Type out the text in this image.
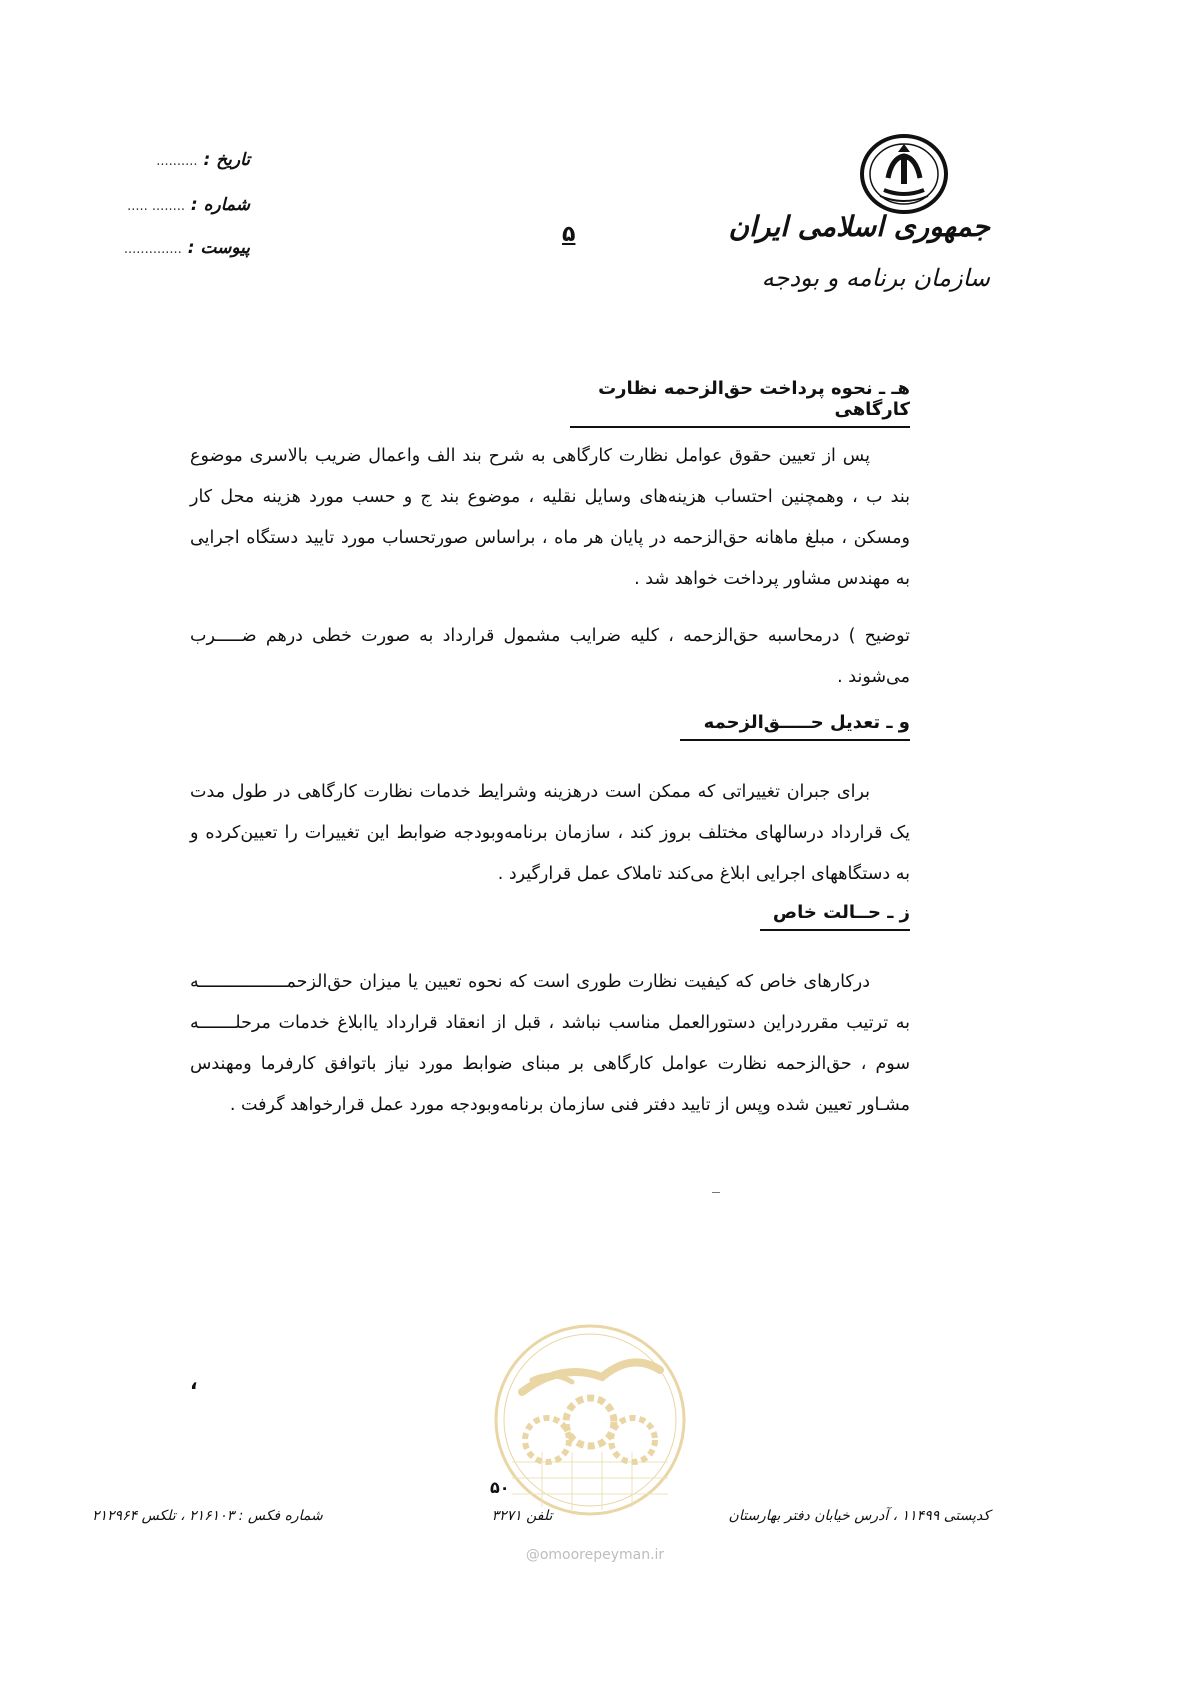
جمهوری اسلامی ایران
سازمان برنامه و بودجه
۵
تاریخ : ..........
شماره : ........ .....
پیوست : ..............
هـ ـ نحوه پرداخت حق‌الزحمه نظارت کارگاهی
پس از تعیین حقوق عوامل نظارت کارگاهی به شرح بند الف واعمال ضریب بالاسری موضوع بند ب ، وهمچنین احتساب هزینه‌های وسایل نقلیه ، موضوع بند ج و حسب مورد هزینه محل کار ومسکن ، مبلغ ماهانه حق‌الزحمه در پایان هر ماه ، براساس صورتحساب مورد تایید دستگاه اجرایی به مهندس مشاور پرداخت خواهد شد .
توضیح ) درمحاسبه حق‌الزحمه ، کلیه ضرایب مشمول قرارداد به صورت خطی درهم ضـــــرب می‌شوند .
و ـ تعدیل حـــــق‌الزحمه
برای جبران تغییراتی که ممکن است درهزینه وشرایط خدمات نظارت کارگاهی در طول مدت یک قرارداد درسالهای مختلف بروز کند ، سازمان برنامه‌وبودجه ضوابط این تغییرات را تعیین‌کرده و به دستگاههای اجرایی ابلاغ می‌کند تاملاک عمل قرارگیرد .
ز ـ حــالت خاص
درکارهای خاص که کیفیت نظارت طوری است که نحوه تعیین یا میزان حق‌الزحمـــــــــــــــــه به ترتیب مقرردراین دستورالعمل مناسب نباشد ، قبل از انعقاد قرارداد یاابلاغ خدمات مرحلـــــــه سوم ، حق‌الزحمه نظارت عوامل کارگاهی بر مبنای ضوابط مورد نیاز باتوافق کارفرما ومهندس مشـاور تعیین شده وپس از تایید دفتر فنی سازمان برنامه‌وبودجه مورد عمل قرارخواهد گرفت .
،
@omoorepeyman.ir
۵۰
کدپستی ۱۱۴۹۹ ، آدرس خیابان دفتر بهارستان
تلفن ۳۲۷۱
شماره فکس : ۲۱۶۱۰۳ ، تلکس ۲۱۲۹۶۴
